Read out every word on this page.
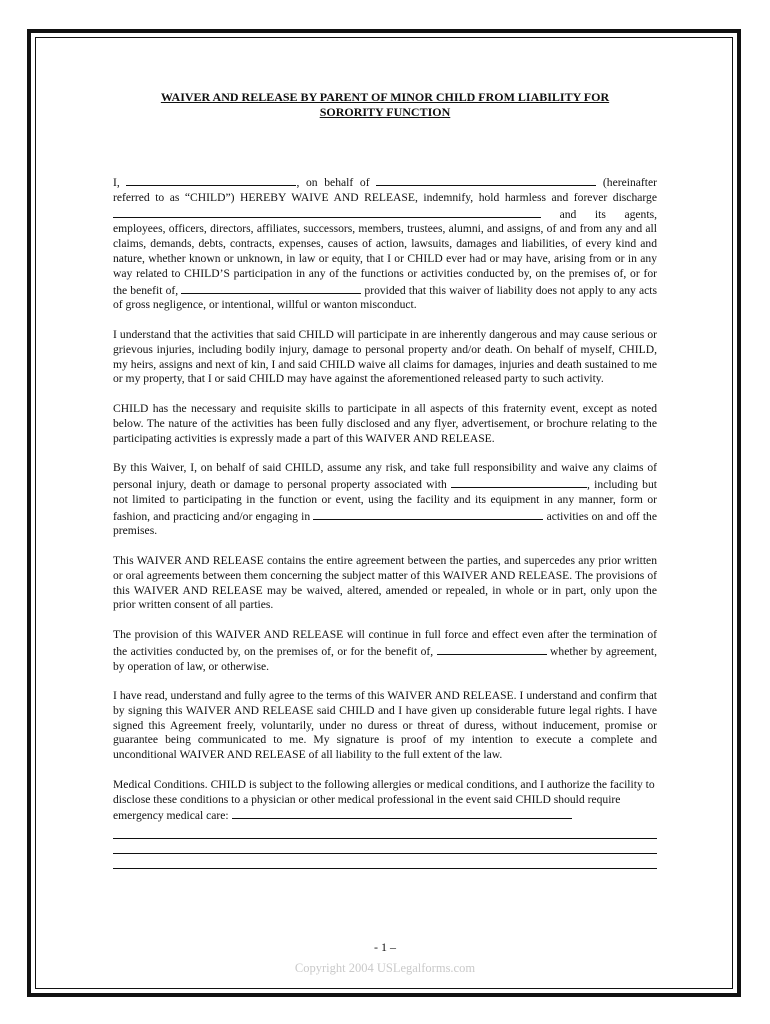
WAIVER AND RELEASE BY PARENT OF MINOR CHILD FROM LIABILITY FOR
SORORITY FUNCTION

I,	, on behalf of	(hereinafter referred to as “CHILD”) HEREBY WAIVE AND RELEASE, indemnify, hold harmless and forever discharge  and its agents, employees, officers, directors, affiliates, successors, members, trustees, alumni, and assigns, of and from any and all claims, demands, debts, contracts, expenses, causes of action, lawsuits, damages and liabilities, of every kind and nature, whether known or unknown, in law or equity, that I or CHILD ever had or may have, arising from or in any way related to CHILD’S participation in any of the functions or activities conducted by, on the premises of, or for the benefit of,	provided that this waiver of liability does not apply to any acts of gross negligence, or intentional, willful or wanton misconduct.

I understand that the activities that said CHILD will participate in are inherently dangerous and may cause serious or grievous injuries, including bodily injury, damage to personal property and/or death. On behalf of myself, CHILD, my heirs, assigns and next of kin, I and said CHILD waive all claims for damages, injuries and death sustained to me or my property, that I or said CHILD may have against the aforementioned released party to such activity.

CHILD has the necessary and requisite skills to participate in all aspects of this fraternity event, except as noted below. The nature of the activities has been fully disclosed and any flyer, advertisement, or brochure relating to the participating activities is expressly made a part of this WAIVER AND RELEASE.

By this Waiver, I, on behalf of said CHILD, assume any risk, and take full responsibility and waive any claims of personal injury, death or damage to personal property associated with	, including but not limited to participating in the function or event, using the facility and its equipment in any manner, form or fashion, and practicing and/or engaging in	activities on and off the premises.

This WAIVER AND RELEASE contains the entire agreement between the parties, and supercedes any prior written or oral agreements between them concerning the subject matter of this WAIVER AND RELEASE. The provisions of this WAIVER AND RELEASE may be waived, altered, amended or repealed, in whole or in part, only upon the prior written consent of all parties.

The provision of this WAIVER AND RELEASE will continue in full force and effect even after the termination of the activities conducted by, on the premises of, or for the benefit of,	whether by agreement, by operation of law, or otherwise.

I have read, understand and fully agree to the terms of this WAIVER AND RELEASE. I understand and confirm that by signing this WAIVER AND RELEASE said CHILD and I have given up considerable future legal rights. I have signed this Agreement freely, voluntarily, under no duress or threat of duress, without inducement, promise or guarantee being communicated to me. My signature is proof of my intention to execute a complete and unconditional WAIVER AND RELEASE of all liability to the full extent of the law.

Medical Conditions. CHILD is subject to the following allergies or medical conditions, and I authorize the facility to disclose these conditions to a physician or other medical professional in the event said CHILD should require emergency medical care:
- 1 –
Copyright 2004 USLegalforms.com
